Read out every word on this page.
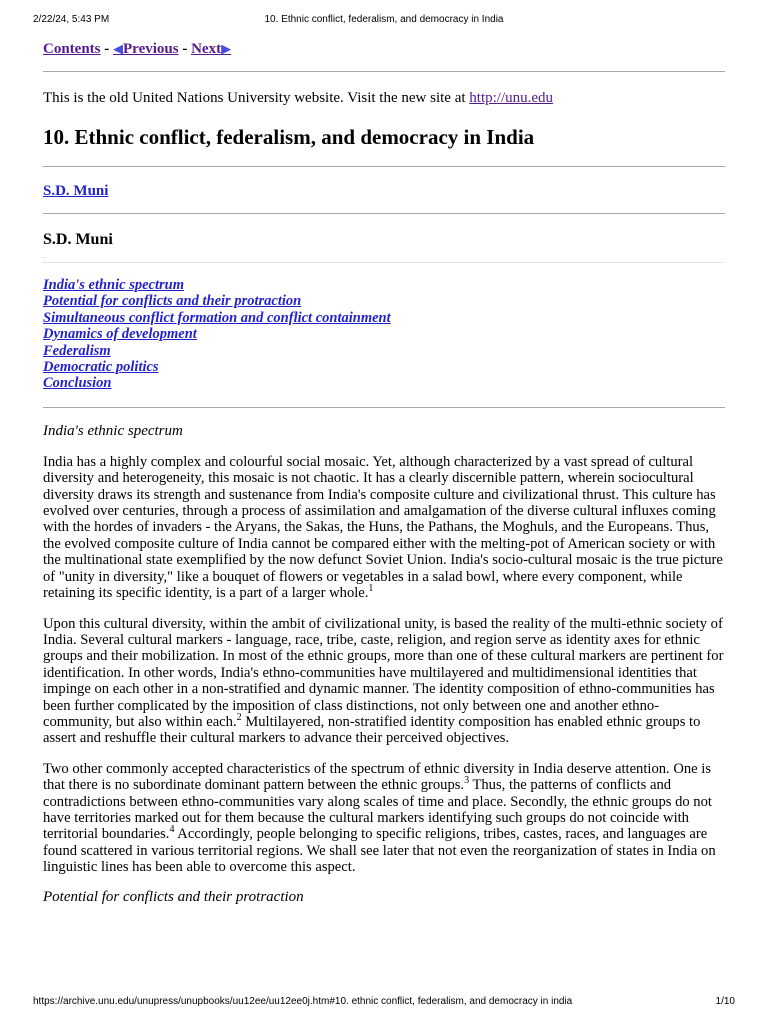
2/22/24, 5:43 PM	10. Ethnic conflict, federalism, and democracy in India
Contents - ◀Previous - Next▶
This is the old United Nations University website. Visit the new site at http://unu.edu
10. Ethnic conflict, federalism, and democracy in India
S.D. Muni
S.D. Muni
.
India's ethnic spectrum
Potential for conflicts and their protraction
Simultaneous conflict formation and conflict containment
Dynamics of development
Federalism
Democratic politics
Conclusion
India's ethnic spectrum

India has a highly complex and colourful social mosaic. Yet, although characterized by a vast spread of cultural diversity and heterogeneity, this mosaic is not chaotic. It has a clearly discernible pattern, wherein sociocultural diversity draws its strength and sustenance from India's composite culture and civilizational thrust. This culture has evolved over centuries, through a process of assimilation and amalgamation of the diverse cultural influxes coming with the hordes of invaders - the Aryans, the Sakas, the Huns, the Pathans, the Moghuls, and the Europeans. Thus, the evolved composite culture of India cannot be compared either with the melting-pot of American society or with the multinational state exemplified by the now defunct Soviet Union. India's socio-cultural mosaic is the true picture of "unity in diversity," like a bouquet of flowers or vegetables in a salad bowl, where every component, while retaining its specific identity, is a part of a larger whole.$^1$

Upon this cultural diversity, within the ambit of civilizational unity, is based the reality of the multi-ethnic society of India. Several cultural markers - language, race, tribe, caste, religion, and region serve as identity axes for ethnic groups and their mobilization. In most of the ethnic groups, more than one of these cultural markers are pertinent for identification. In other words, India's ethno-communities have multilayered and multidimensional identities that impinge on each other in a non-stratified and dynamic manner. The identity composition of ethno-communities has been further complicated by the imposition of class distinctions, not only between one and another ethno-community, but also within each.$^2$ Multilayered, non-stratified identity composition has enabled ethnic groups to assert and reshuffle their cultural markers to advance their perceived objectives.

Two other commonly accepted characteristics of the spectrum of ethnic diversity in India deserve attention. One is that there is no subordinate dominant pattern between the ethnic groups.$^3$ Thus, the patterns of conflicts and contradictions between ethno-communities vary along scales of time and place. Secondly, the ethnic groups do not have territories marked out for them because the cultural markers identifying such groups do not coincide with territorial boundaries.$^4$ Accordingly, people belonging to specific religions, tribes, castes, races, and languages are found scattered in various territorial regions. We shall see later that not even the reorganization of states in India on linguistic lines has been able to overcome this aspect.

Potential for conflicts and their protraction
https://archive.unu.edu/unupress/unupbooks/uu12ee/uu12ee0j.htm#10. ethnic conflict, federalism, and democracy in india	1/10
